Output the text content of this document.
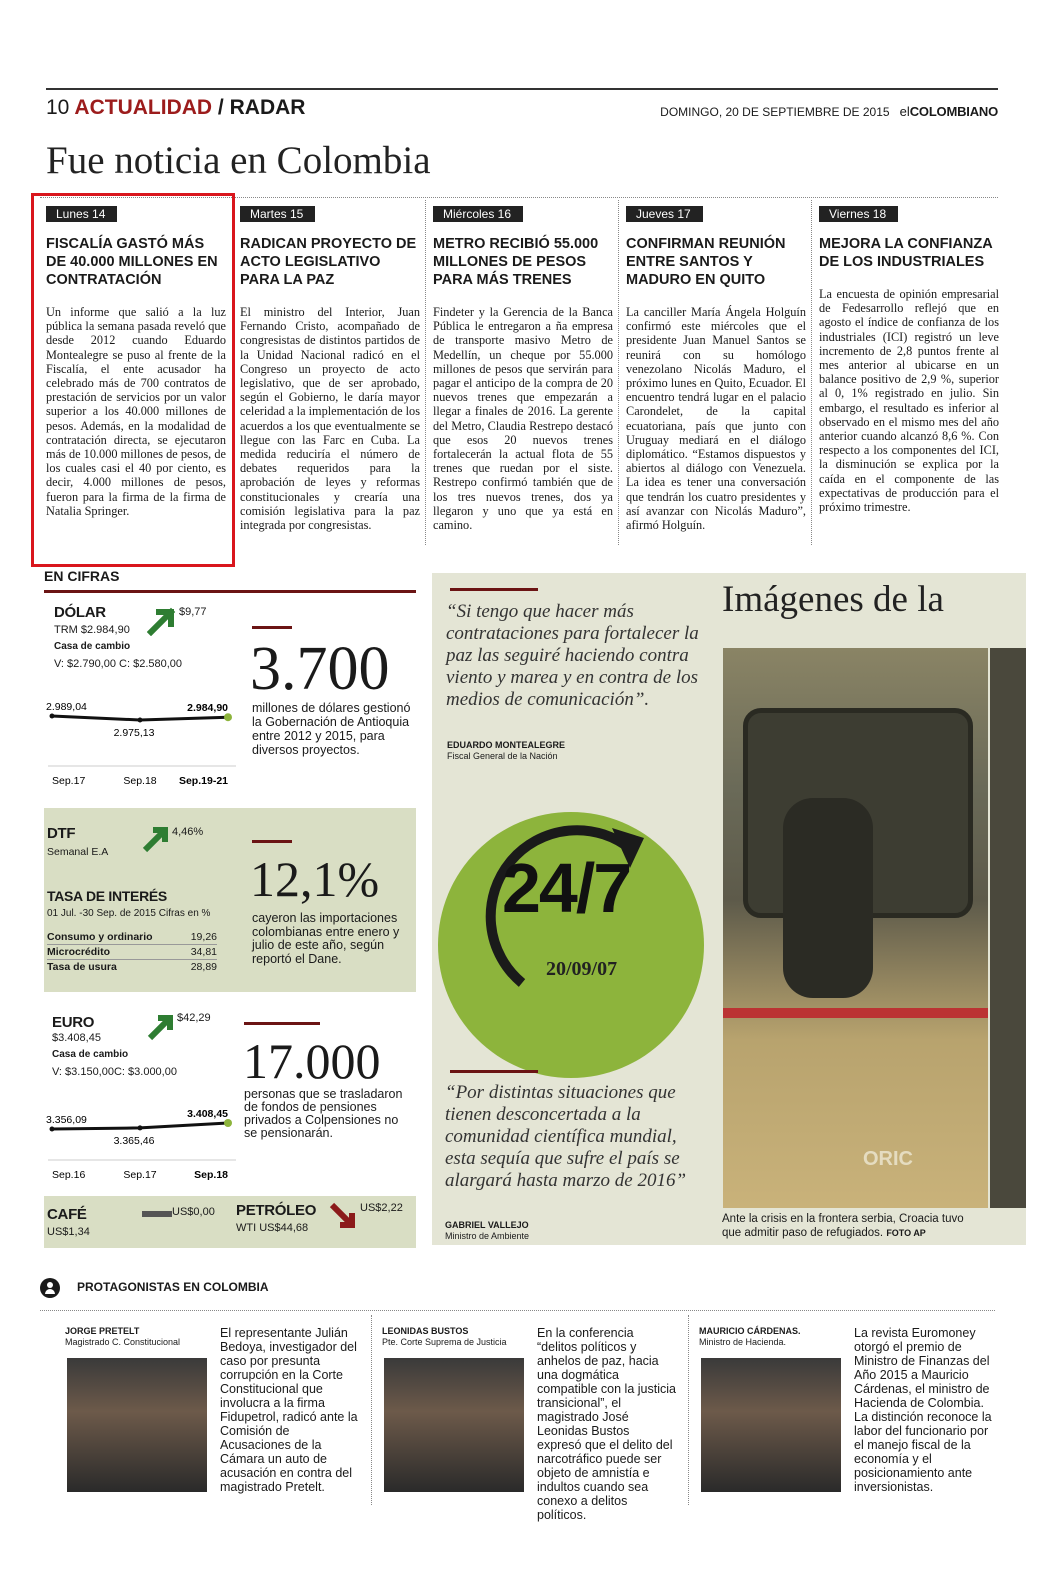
10 ACTUALIDAD / RADAR	DOMINGO, 20 DE SEPTIEMBRE DE 2015 elCOLOMBIANO
Fue noticia en Colombia
Lunes 14
FISCALÍA GASTÓ MÁS DE 40.000 MILLONES EN CONTRATACIÓN
Un informe que salió a la luz pública la semana pasada reveló que desde 2012 cuando Eduardo Montealegre se puso al frente de la Fiscalía, el ente acusador ha celebrado más de 700 contratos de prestación de servicios por un valor superior a los 40.000 millones de pesos. Además, en la modalidad de contratación directa, se ejecutaron más de 10.000 millones de pesos, de los cuales casi el 40 por ciento, es decir, 4.000 millones de pesos, fueron para la firma de la firma de Natalia Springer.
Martes 15
RADICAN PROYECTO DE ACTO LEGISLATIVO PARA LA PAZ
El ministro del Interior, Juan Fernando Cristo, acompañado de congresistas de distintos partidos de la Unidad Nacional radicó en el Congreso un proyecto de acto legislativo, que de ser aprobado, según el Gobierno, le daría mayor celeridad a la implementación de los acuerdos a los que eventualmente se llegue con las Farc en Cuba. La medida reduciría el número de debates requeridos para la aprobación de leyes y reformas constitucionales y crearía una comisión legislativa para la paz integrada por congresistas.
Miércoles 16
METRO RECIBIÓ 55.000 MILLONES DE PESOS PARA MÁS TRENES
Findeter y la Gerencia de la Banca Pública le entregaron a ña empresa de transporte masivo Metro de Medellín, un cheque por 55.000 millones de pesos que servirán para pagar el anticipo de la compra de 20 nuevos trenes que empezarán a llegar a finales de 2016. La gerente del Metro, Claudia Restrepo destacó que esos 20 nuevos trenes fortalecerán la actual flota de 55 trenes que ruedan por el siste. Restrepo confirmó también que de los tres nuevos trenes, dos ya llegaron y uno que ya está en camino.
Jueves 17
CONFIRMAN REUNIÓN ENTRE SANTOS Y MADURO EN QUITO
La canciller María Ángela Holguín confirmó este miércoles que el presidente Juan Manuel Santos se reunirá con su homólogo venezolano Nicolás Maduro, el próximo lunes en Quito, Ecuador. El encuentro tendrá lugar en el palacio Carondelet, de la capital ecuatoriana, país que junto con Uruguay mediará en el diálogo diplomático. “Estamos dispuestos y abiertos al diálogo con Venezuela. La idea es tener una conversación que tendrán los cuatro presidentes y así avanzar con Nicolás Maduro”, afirmó Holguín.
Viernes 18
MEJORA LA CONFIANZA DE LOS INDUSTRIALES
La encuesta de opinión empresarial de Fedesarrollo reflejó que en agosto el índice de confianza de los industriales (ICI) registró un leve incremento de 2,8 puntos frente al mes anterior al ubicarse en un balance positivo de 2,9 %, superior al 0, 1% registrado en julio. Sin embargo, el resultado es inferior al observado en el mismo mes del año anterior cuando alcanzó 8,6 %. Con respecto a los componentes del ICI, la disminución se explica por la caída en el componente de las expectativas de producción para el próximo trimestre.
EN CIFRAS
DÓLAR	$9,77
TRM $2.984,90
Casa de cambio
V: $2.790,00 C: $2.580,00
2.989,04
Sep.17
2.975,13
Sep.18
2.984,90
Sep.19-21
3.700
millones de dólares gestionó la Gobernación de Antioquia entre 2012 y 2015, para diversos proyectos.
DTF
Semanal E.A
4,46%
TASA DE INTERÉS
01 Jul. -30 Sep. de 2015 Cifras en %
Consumo y ordinario	19,26
Microcrédito	34,81
Tasa de usura	28,89
12,1%
cayeron las importaciones colombianas entre enero y julio de este año, según reportó el Dane.
EURO
$3.408,45
$42,29
Casa de cambio
V: $3.150,00C: $3.000,00
3.356,09
Sep.16
3.365,46
Sep.17
3.408,45
Sep.18
17.000
personas que se trasladaron de fondos de pensiones privados a Colpensiones no se pensionarán.
CAFÉ
US$1,34
US$0,00 PETRÓLEO
WTI US$44,68
US$2,22
“Si tengo que hacer más contrataciones para fortalecer la paz las seguiré haciendo contra viento y marea y en contra de los medios de comunicación”.
EDUARDO MONTEALEGRE
Fiscal General de la Nación
24/7
20/09/07
“Por distintas situaciones que tienen desconcertada a la comunidad científica mundial, esta sequía que sufre el país se alargará hasta marzo de 2016”
GABRIEL VALLEJO
Ministro de Ambiente
Imágenes de la
ORIC
Ante la crisis en la frontera serbia, Croacia tuvo que admitir paso de refugiados. FOTO AP
PROTAGONISTAS EN COLOMBIA
JORGE PRETELT
Magistrado C. Constitucional
El representante Julián Bedoya, investigador del caso por presunta corrupción en la Corte Constitucional que involucra a la firma Fidupetrol, radicó ante la Comisión de Acusaciones de la Cámara un auto de acusación en contra del magistrado Pretelt.
LEONIDAS BUSTOS
Pte. Corte Suprema de Justicia
En la conferencia “delitos políticos y anhelos de paz, hacia una dogmática compatible con la justicia transicional”, el magistrado José Leonidas Bustos expresó que el delito del narcotráfico puede ser objeto de amnistía e indultos cuando sea conexo a delitos políticos.
MAURICIO CÁRDENAS.
Ministro de Hacienda.
La revista Euromoney otorgó el premio de Ministro de Finanzas del Año 2015 a Mauricio Cárdenas, el ministro de Hacienda de Colombia. La distinción reconoce la labor del funcionario por el manejo fiscal de la economía y el posicionamiento ante inversionistas.
